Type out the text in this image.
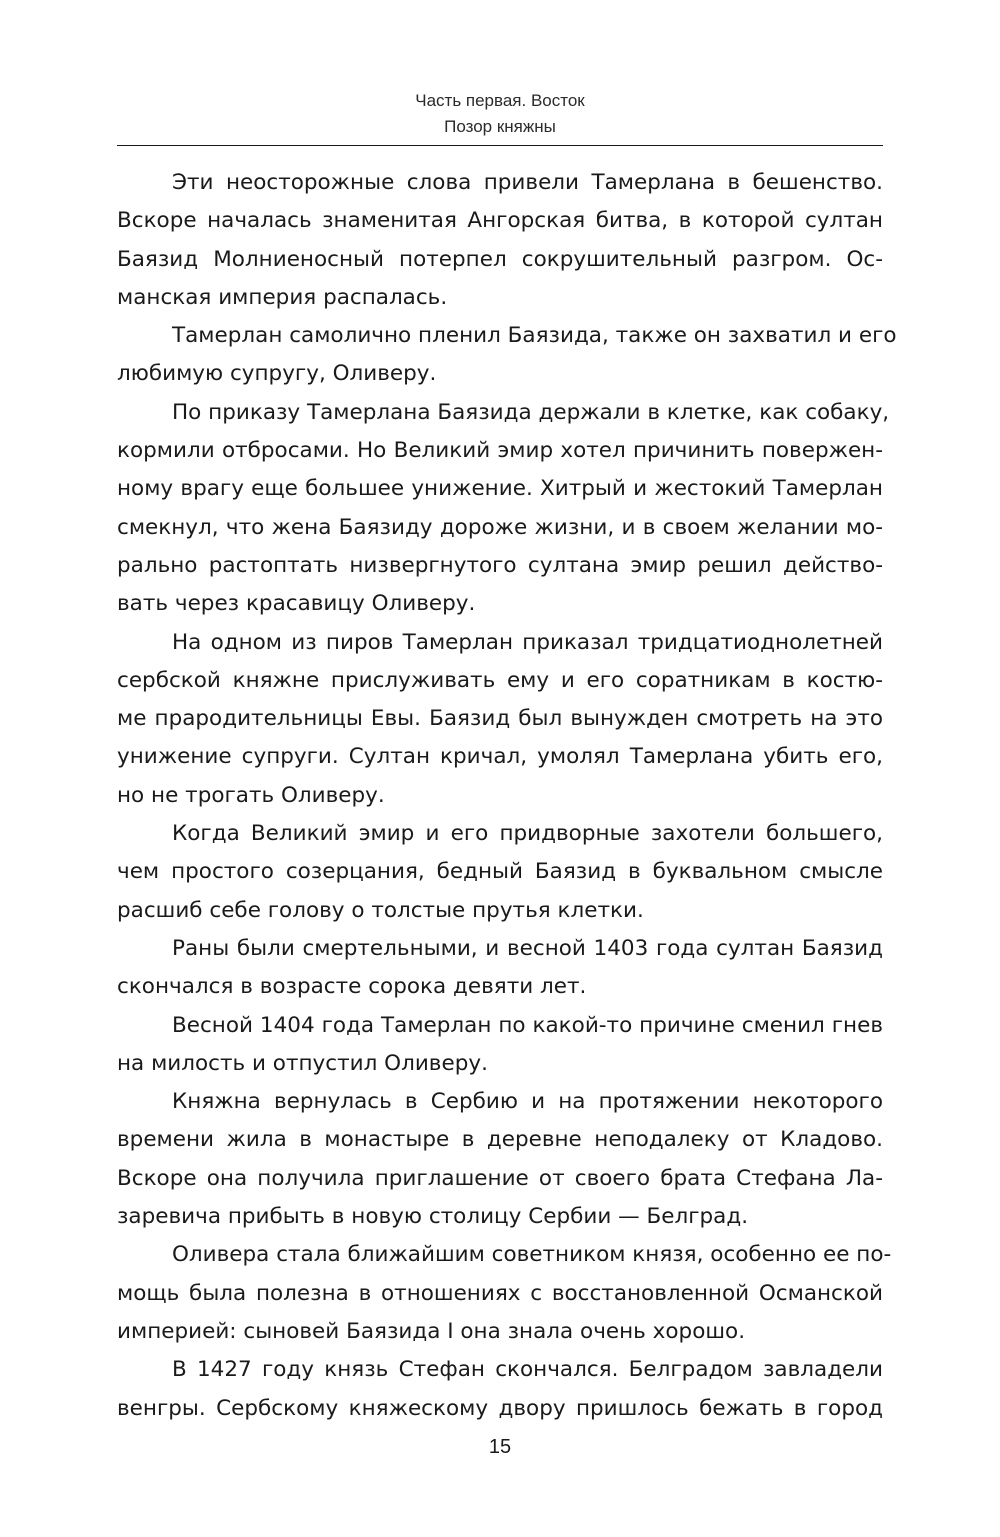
Часть первая. Восток
Позор княжны
Эти неосторожные слова привели Тамерлана в бешенство.
Вскоре началась знаменитая Ангорская битва, в которой султан
Баязид Молниеносный потерпел сокрушительный разгром. Ос-
манская империя распалась.
Тамерлан самолично пленил Баязида, также он захватил и его
любимую супругу, Оливеру.
По приказу Тамерлана Баязида держали в клетке, как собаку,
кормили отбросами. Но Великий эмир хотел причинить повержен-
ному врагу еще большее унижение. Хитрый и жестокий Тамерлан
смекнул, что жена Баязиду дороже жизни, и в своем желании мо-
рально растоптать низвергнутого султана эмир решил действо-
вать через красавицу Оливеру.
На одном из пиров Тамерлан приказал тридцатиоднолетней
сербской княжне прислуживать ему и его соратникам в костю-
ме прародительницы Евы. Баязид был вынужден смотреть на это
унижение супруги. Султан кричал, умолял Тамерлана убить его,
но не трогать Оливеру.
Когда Великий эмир и его придворные захотели большего,
чем простого созерцания, бедный Баязид в буквальном смысле
расшиб себе голову о толстые прутья клетки.
Раны были смертельными, и весной 1403 года султан Баязид
скончался в возрасте сорока девяти лет.
Весной 1404 года Тамерлан по какой-то причине сменил гнев
на милость и отпустил Оливеру.
Княжна вернулась в Сербию и на протяжении некоторого
времени жила в монастыре в деревне неподалеку от Кладово.
Вскоре она получила приглашение от своего брата Стефана Ла-
заревича прибыть в новую столицу Сербии — Белград.
Оливера стала ближайшим советником князя, особенно ее по-
мощь была полезна в отношениях с восстановленной Османской
империей: сыновей Баязида I она знала очень хорошо.
В 1427 году князь Стефан скончался. Белградом завладели
венгры. Сербскому княжескому двору пришлось бежать в город
15
